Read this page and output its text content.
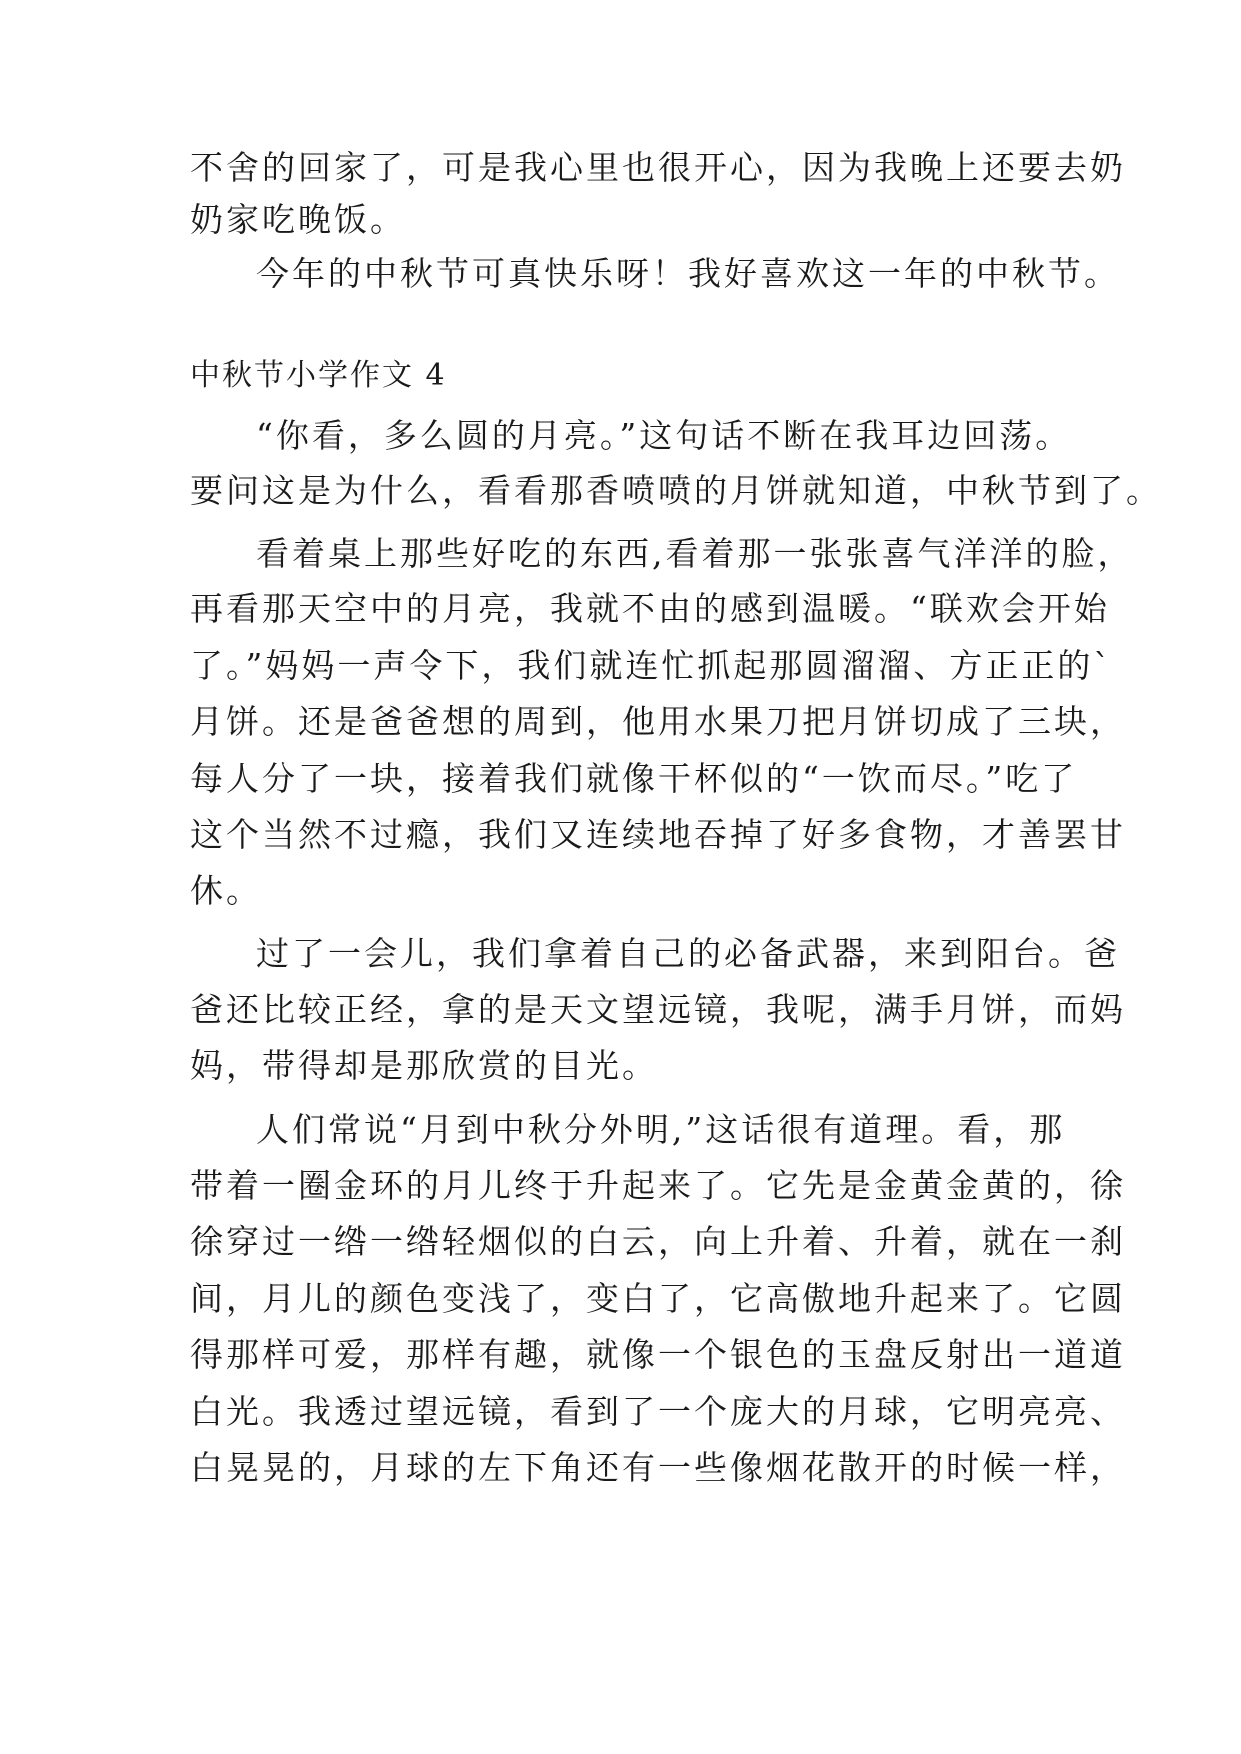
不舍的回家了，可是我心里也很开心，因为我晚上还要去奶
奶家吃晚饭。
今年的中秋节可真快乐呀！我好喜欢这一年的中秋节。
中秋节小学作文 4
“你看，多么圆的月亮。”这句话不断在我耳边回荡。
要问这是为什么，看看那香喷喷的月饼就知道，中秋节到了。
看着桌上那些好吃的东西,看着那一张张喜气洋洋的脸，
再看那天空中的月亮，我就不由的感到温暖。“联欢会开始
了。”妈妈一声令下，我们就连忙抓起那圆溜溜、方正正的`
月饼。还是爸爸想的周到，他用水果刀把月饼切成了三块，
每人分了一块，接着我们就像干杯似的“一饮而尽。”吃了
这个当然不过瘾，我们又连续地吞掉了好多食物，才善罢甘
休。
过了一会儿，我们拿着自己的必备武器，来到阳台。爸
爸还比较正经，拿的是天文望远镜，我呢，满手月饼，而妈
妈，带得却是那欣赏的目光。
人们常说“月到中秋分外明,”这话很有道理。看，那
带着一圈金环的月儿终于升起来了。它先是金黄金黄的，徐
徐穿过一绺一绺轻烟似的白云，向上升着、升着，就在一刹
间，月儿的颜色变浅了，变白了，它高傲地升起来了。它圆
得那样可爱，那样有趣，就像一个银色的玉盘反射出一道道
白光。我透过望远镜，看到了一个庞大的月球，它明亮亮、
白晃晃的，月球的左下角还有一些像烟花散开的时候一样，
